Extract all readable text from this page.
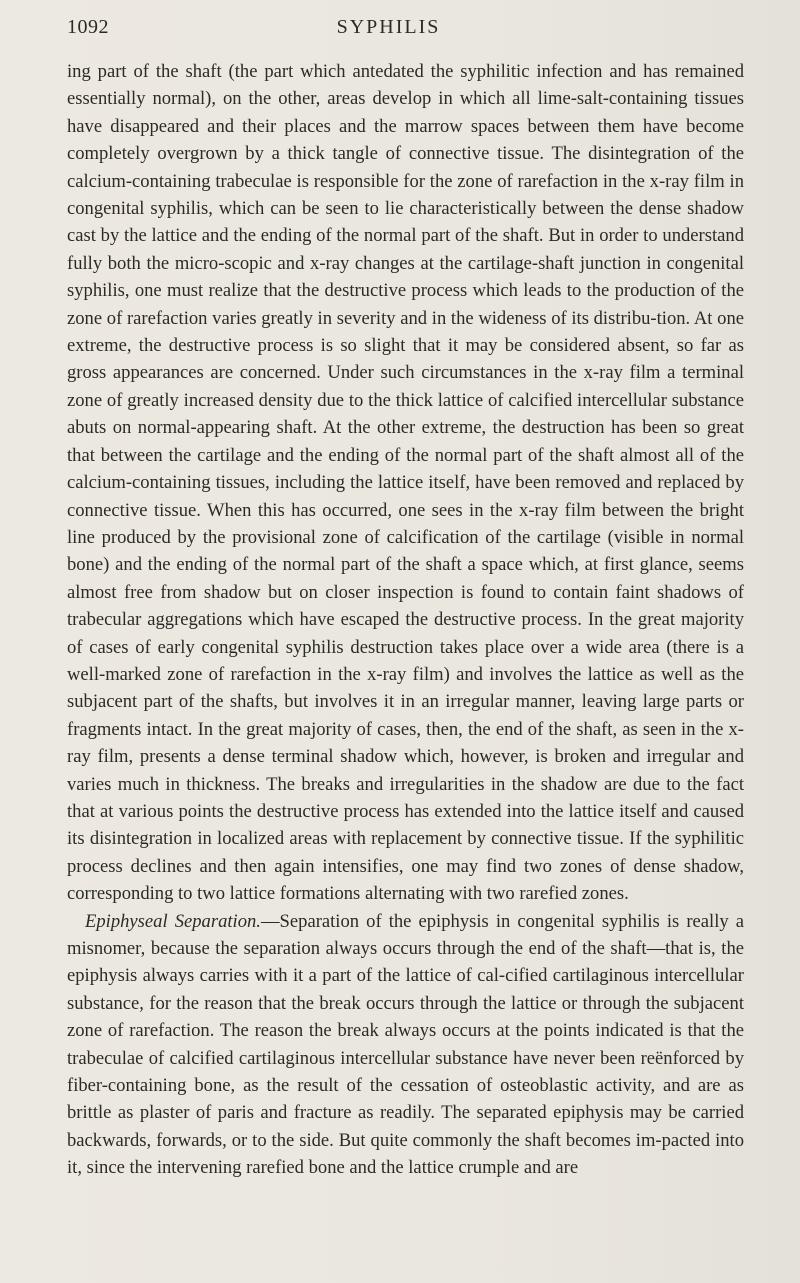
1092	SYPHILIS

ing part of the shaft (the part which antedated the syphilitic infection and has remained essentially normal), on the other, areas develop in which all lime-salt-containing tissues have disappeared and their places and the marrow spaces between them have become completely overgrown by a thick tangle of connective tissue. The disintegration of the calcium-containing trabeculae is responsible for the zone of rarefaction in the x-ray film in congenital syphilis, which can be seen to lie characteristically between the dense shadow cast by the lattice and the ending of the normal part of the shaft. But in order to understand fully both the micro-scopic and x-ray changes at the cartilage-shaft junction in congenital syphilis, one must realize that the destructive process which leads to the production of the zone of rarefaction varies greatly in severity and in the wideness of its distribu-tion. At one extreme, the destructive process is so slight that it may be considered absent, so far as gross appearances are concerned. Under such circumstances in the x-ray film a terminal zone of greatly increased density due to the thick lattice of calcified intercellular substance abuts on normal-appearing shaft. At the other extreme, the destruction has been so great that between the cartilage and the ending of the normal part of the shaft almost all of the calcium-containing tissues, including the lattice itself, have been removed and replaced by connective tissue. When this has occurred, one sees in the x-ray film between the bright line produced by the provisional zone of calcification of the cartilage (visible in normal bone) and the ending of the normal part of the shaft a space which, at first glance, seems almost free from shadow but on closer inspection is found to contain faint shadows of trabecular aggregations which have escaped the destructive process. In the great majority of cases of early congenital syphilis destruction takes place over a wide area (there is a well-marked zone of rarefaction in the x-ray film) and involves the lattice as well as the subjacent part of the shafts, but involves it in an irregular manner, leaving large parts or fragments intact. In the great majority of cases, then, the end of the shaft, as seen in the x-ray film, presents a dense terminal shadow which, however, is broken and irregular and varies much in thickness. The breaks and irregularities in the shadow are due to the fact that at various points the destructive process has extended into the lattice itself and caused its disintegration in localized areas with replacement by connective tissue. If the syphilitic process declines and then again intensifies, one may find two zones of dense shadow, corresponding to two lattice formations alternating with two rarefied zones.

Epiphyseal Separation.—Separation of the epiphysis in congenital syphilis is really a misnomer, because the separation always occurs through the end of the shaft—that is, the epiphysis always carries with it a part of the lattice of cal-cified cartilaginous intercellular substance, for the reason that the break occurs through the lattice or through the subjacent zone of rarefaction. The reason the break always occurs at the points indicated is that the trabeculae of calcified cartilaginous intercellular substance have never been reënforced by fiber-containing bone, as the result of the cessation of osteoblastic activity, and are as brittle as plaster of paris and fracture as readily. The separated epiphysis may be carried backwards, forwards, or to the side. But quite commonly the shaft becomes im-pacted into it, since the intervening rarefied bone and the lattice crumple and are
